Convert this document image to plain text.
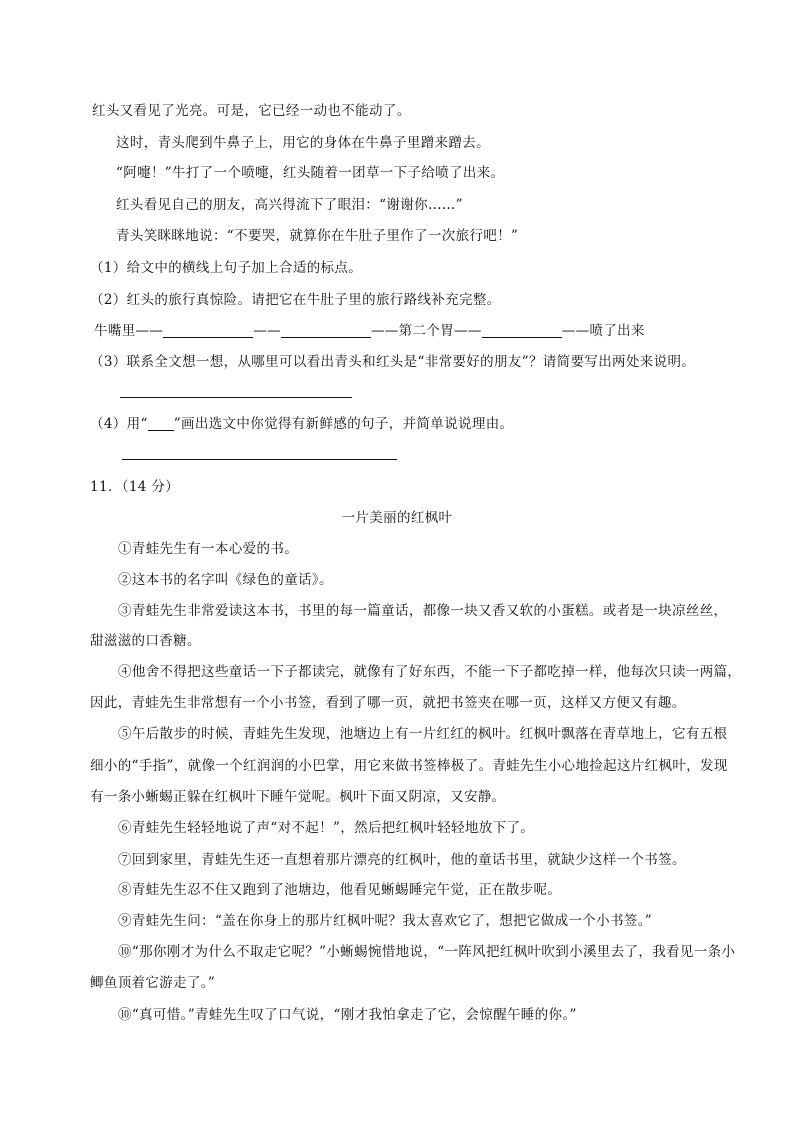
红头又看见了光亮。可是，它已经一动也不能动了。
这时，青头爬到牛鼻子上，用它的身体在牛鼻子里蹭来蹭去。
“阿嚏！”牛打了一个喷嚏，红头随着一团草一下子给喷了出来。
红头看见自己的朋友，高兴得流下了眼泪：“谢谢你……”
青头笑眯眯地说：“不要哭，就算你在牛肚子里作了一次旅行吧！”
（1）给文中的横线上句子加上合适的标点。
（2）红头的旅行真惊险。请把它在牛肚子里的旅行路线补充完整。
牛嘴里——	——	——第二个胃——	——喷了出来
（3）联系全文想一想，从哪里可以看出青头和红头是“非常要好的朋友”？请简要写出两处来说明。
（4）用“ ”画出选文中你觉得有新鲜感的句子，并简单说说理由。
11．（14 分）
一片美丽的红枫叶
①青蛙先生有一本心爱的书。
②这本书的名字叫《绿色的童话》。
③青蛙先生非常爱读这本书，书里的每一篇童话，都像一块又香又软的小蛋糕。或者是一块凉丝丝，
甜滋滋的口香糖。
④他舍不得把这些童话一下子都读完，就像有了好东西，不能一下子都吃掉一样，他每次只读一两篇，
因此，青蛙先生非常想有一个小书签，看到了哪一页，就把书签夹在哪一页，这样又方便又有趣。
⑤午后散步的时候，青蛙先生发现，池塘边上有一片红红的枫叶。红枫叶飘落在青草地上，它有五根
细小的“手指”，就像一个红润润的小巴掌，用它来做书签棒极了。青蛙先生小心地捡起这片红枫叶，发现
有一条小蜥蜴正躲在红枫叶下睡午觉呢。枫叶下面又阴凉，又安静。
⑥青蛙先生轻轻地说了声“对不起！”，然后把红枫叶轻轻地放下了。
⑦回到家里，青蛙先生还一直想着那片漂亮的红枫叶，他的童话书里，就缺少这样一个书签。
⑧青蛙先生忍不住又跑到了池塘边，他看见蜥蜴睡完午觉，正在散步呢。
⑨青蛙先生问：“盖在你身上的那片红枫叶呢？我太喜欢它了，想把它做成一个小书签。”
⑩“那你刚才为什么不取走它呢？”小蜥蜴惋惜地说，“一阵风把红枫叶吹到小溪里去了，我看见一条小
鲫鱼顶着它游走了。”
⑩“真可惜。”青蛙先生叹了口气说，“刚才我怕拿走了它，会惊醒午睡的你。”
